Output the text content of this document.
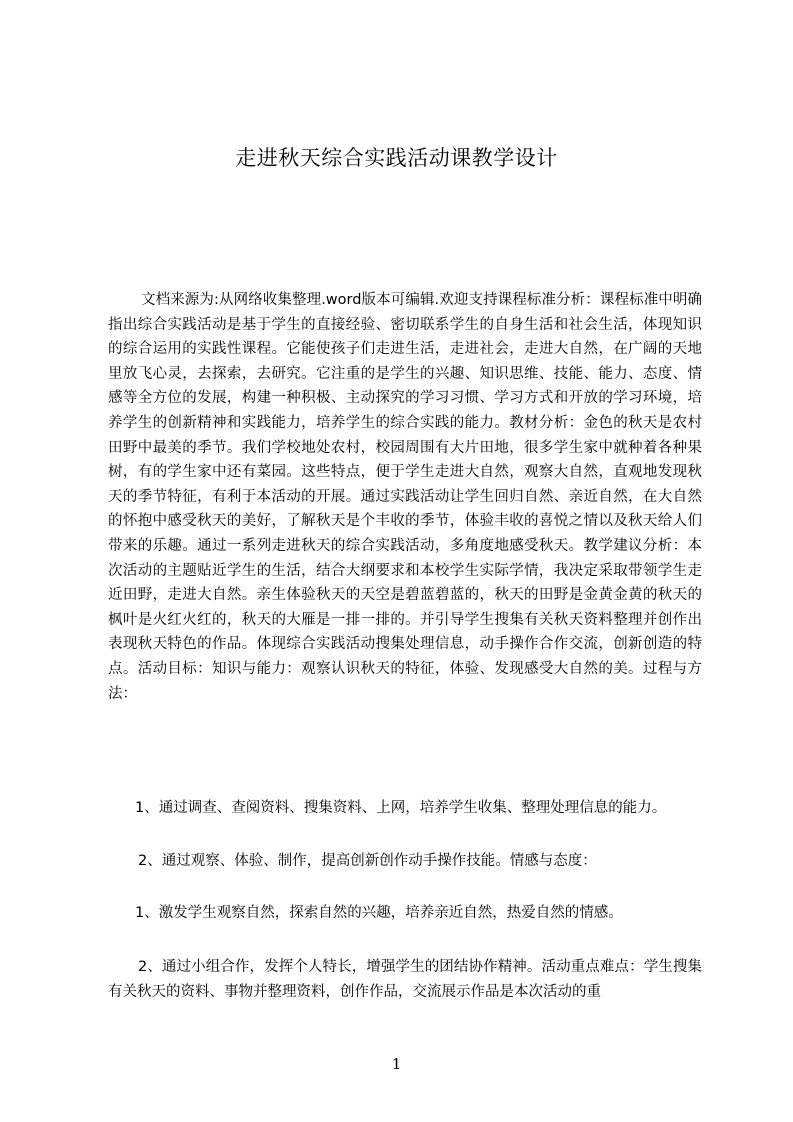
走进秋天综合实践活动课教学设计

文档来源为:从网络收集整理.word版本可编辑.欢迎支持课程标准分析：课程标准中明确指出综合实践活动是基于学生的直接经验、密切联系学生的自身生活和社会生活，体现知识的综合运用的实践性课程。它能使孩子们走进生活，走进社会，走进大自然，在广阔的天地里放飞心灵，去探索，去研究。它注重的是学生的兴趣、知识思维、技能、能力、态度、情感等全方位的发展，构建一种积极、主动探究的学习习惯、学习方式和开放的学习环境，培养学生的创新精神和实践能力，培养学生的综合实践的能力。教材分析：金色的秋天是农村田野中最美的季节。我们学校地处农村，校园周围有大片田地，很多学生家中就种着各种果树，有的学生家中还有菜园。这些特点，便于学生走进大自然，观察大自然，直观地发现秋天的季节特征，有利于本活动的开展。通过实践活动让学生回归自然、亲近自然，在大自然的怀抱中感受秋天的美好，了解秋天是个丰收的季节，体验丰收的喜悦之情以及秋天给人们带来的乐趣。通过一系列走进秋天的综合实践活动，多角度地感受秋天。教学建议分析：本次活动的主题贴近学生的生活，结合大纲要求和本校学生实际学情，我决定采取带领学生走近田野，走进大自然。亲生体验秋天的天空是碧蓝碧蓝的，秋天的田野是金黄金黄的秋天的枫叶是火红火红的，秋天的大雁是一排一排的。并引导学生搜集有关秋天资料整理并创作出表现秋天特色的作品。体现综合实践活动搜集处理信息，动手操作合作交流，创新创造的特点。活动目标：知识与能力：观察认识秋天的特征，体验、发现感受大自然的美。过程与方法：

1、通过调查、查阅资料、搜集资料、上网，培养学生收集、整理处理信息的能力。

2、通过观察、体验、制作，提高创新创作动手操作技能。情感与态度：

1、激发学生观察自然，探索自然的兴趣，培养亲近自然，热爱自然的情感。

2、通过小组合作，发挥个人特长，增强学生的团结协作精神。活动重点难点：学生搜集有关秋天的资料、事物并整理资料，创作作品，交流展示作品是本次活动的重

1
